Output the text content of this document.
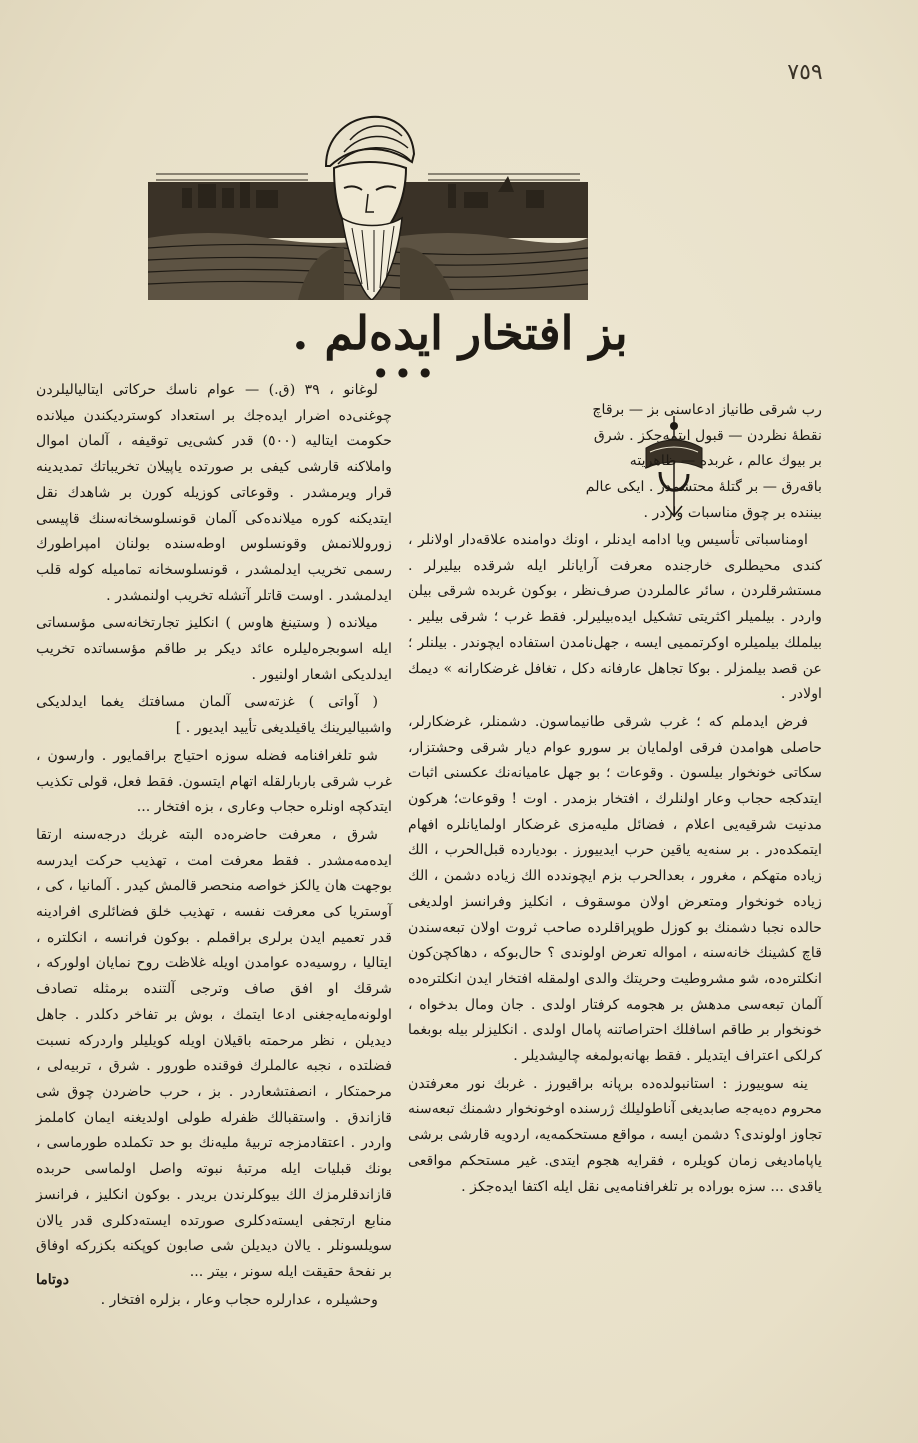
٧٥٩
بز افتخار ایده‌لم .
● ● ●
رب شرقی طانیاز ادعاسنی بز — برقاچ
نقطهٔ نظردن — قبول ایتمه‌جکز . شرق
بر بیوك عالم ، غربده — ظاهریته
باقه‌رق — بر گتلهٔ محتشمدر . ایکی عالم
بیننده بر چوق مناسبات واردر .

اومناسباتی تأسیس ویا ادامه ایدنلر ، اونك دوامنده علاقه‌دار اولانلر ، کندی محیطلری خارجنده معرفت آرایانلر ایله شرقده بیلیرلر . مستشرقلردن ، سائر عالملردن صرف‌نظر ، بوکون غربده شرقی بیلن واردر . بیلمیلر اکثریتی تشکیل ایده‌بیلیرلر. فقط غرب ؛ شرقی بیلیر . بیلملك بیلمیلره اوکرتممیی ایسه ، جهل‌نامدن استفاده ایچوندر . بیلنلر ؛ عن قصد بیلمزلر . بوکا تجاهل عارفانه دکل ، تغافل غرضکارانه » دیمك اولادر .

فرض ایدملم که ؛ غرب شرقی طانیماسون. دشمنلر، غرضکارلر، حاصلی هوامدن فرقی اولمایان بر سورو عوام دیار شرقی وحشتزار، سکاتی خونخوار بیلسون . وقوعات ؛ بو جهل عامیانه‌نك عکسنی اثبات ایتدکجه حجاب وعار اولنلرك ، افتخار بزمدر . اوت ! وقوعات؛ هرکون مدنیت شرقیه‌یی اعلام ، فضائل ملیه‌مزی غرضکار اولمایانلره افهام ایتمکده‌در . بر سنه‌یه یاقین حرب ایدییورز . بودیارده قبل‌الحرب ، الك زیاده متهکم ، مغرور ، بعدالحرب بزم ایچوندده الك زیاده دشمن ، الك زیاده خونخوار ومتعرض اولان موسقوف ، انکلیز وفرانسز اولدیغی حالده نجبا دشمنك بو کوزل طوپراقلرده صاحب ثروت اولان تبعه‌سندن قاچ کشینك خانه‌سنه ، امواله تعرض اولوندی ؟ حال‌بوکه ، دهاکچن‌کون انکلتره‌ده، شو مشروطیت وحریتك والدی اولمقله افتخار ایدن انکلتره‌ده آلمان تبعه‌سی مدهش بر هجومه کرفتار اولدی . جان ومال بدخواه ، خونخوار بر طاقم اسافلك احتراصاتنه پامال اولدی . انکلیزلر بیله بوبغما کرلکی اعتراف ایتدیلر . فقط بهانه‌بولمغه چالیشدیلر .

ینه سوییورز : استانبولده‌ده برپانه براقیورز . غربك نور معرفتدن محروم ده‌یه‌جه صابدیغی آناطولیلك ژرسنده اوخونخوار دشمنك تبعه‌سنه تجاوز اولوندی؟ دشمن ایسه ، مواقع مستحکمه‌یه، اردویه قارشی برشی یاپامادیغی زمان کویلره ، فقرایه هجوم ایتدی. غیر مستحکم مواقعی یاقدی ... سزه بوراده بر تلغرافنامه‌یی نقل ایله اکتفا ایده‌جکز .

لوغانو ، ٣٩ (ق.) — عوام ناسك حركاتی ایتالیالیلردن چوغنی‌ده اضرار ایده‌جك بر استعداد کوستردیکندن میلانده حکومت ایتالیه (٥٠٠) قدر کشی‌یی توقیفه ، آلمان اموال واملاکنه قارشی کیفی بر صورتده یاپیلان تخریباتك تمدیدینه قرار ویرمشدر . وقوعاتی کوزیله کورن بر شاهدك نقل ایتدیکنه کوره میلانده‌کی آلمان قونسلوسخانه‌سنك قاپیسی زوروللانمش وقونسلوس اوطه‌سنده بولنان امپراطورك رسمی تخریب ایدلمشدر ، قونسلوسخانه تمامیله کوله قلب ایدلمشدر . اوست قاتلر آتشله تخریب اولنمشدر .

میلانده ( وستینغ هاوس ) انکلیز تجارتخانه‌سی مؤسساتی ایله اسوبجره‌لیلره عائد دیکر بر طاقم مؤسساتده تخریب ایدلدیکی اشعار اولنیور .

( آواتی ) غزته‌سی آلمان مسافتك یغما ایدلدیکی واشبیالیرینك یاقیلدیغی تأیید ایدیور . ]

شو تلغرافنامه فضله سوزه احتیاج براقمایور . وارسون ، غرب شرقی باربارلقله اتهام ایتسون. فقط فعل، قولی تکذیب ایتدکچه اونلره حجاب وعاری ، بزه افتخار ...

شرق ، معرفت حاضره‌ده البته غربك درجه‌سنه ارتقا ایده‌مه‌مشدر . فقط معرفت امت ، تهذیب حرکت ایدرسه بوجهت هان یالکز خواصه منحصر قالمش کیدر . آلمانیا ، کی ، آوستریا کی معرفت نفسه ، تهذیب خلق فضائلری افرادینه قدر تعمیم ایدن برلری براقملم . بوکون فرانسه ، انکلتره ، ایتالیا ، روسیه‌ده عوامدن اویله غلاظت روح نمایان اولورکه ، شرقك او افق صاف وترجی آلتنده برمثله تصادف اولونه‌مایه‌جغنی ادعا ایتمك ، بوش بر تفاخر دکلدر . جاهل دیدیلن ، نظر مرحمته باقیلان اویله کویلیلر واردرکه نسبت فضلتده ، نجبه عالملرك فوقنده طورور . شرق ، تربیه‌لی ، مرحمتکار ، انصفتشعاردر . بز ، حرب حاضردن چوق شی قازاندق . واستقبالك ظفرله طولی اولدیغنه ایمان کاملمز واردر . اعتقادمزجه تربیهٔ ملیه‌نك بو حد تکملده طورماسی ، بونك قبلیات ایله مرتبهٔ نبوته واصل اولماسی حربده قازاندقلرمزك الك بیوکلرندن بریدر . بوکون انکلیز ، فرانسز منابع ارتجفی ایسته‌دکلری صورتده ایسته‌دکلری قدر یالان سویلسونلر . یالان دیدیلن شی صابون کوپکنه بکزرکه اوفاق بر نفحهٔ حقیقت ایله سونر ، بیتر ...

وحشیلره ، عدارلره حجاب وعار ، بزلره افتخار .

دوتاما
